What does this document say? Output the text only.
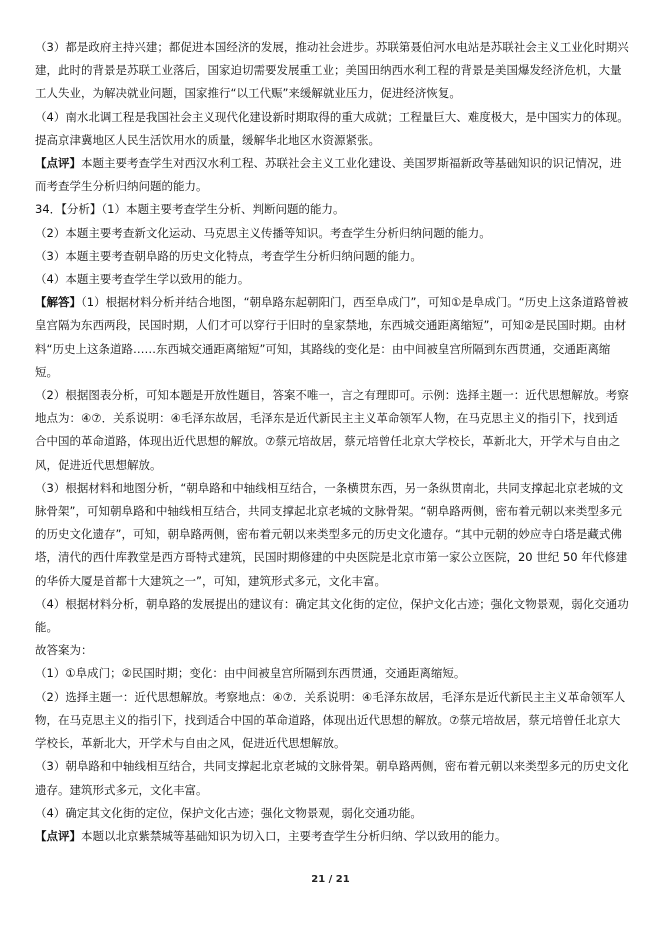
（3）都是政府主持兴建；都促进本国经济的发展，推动社会进步。苏联第聂伯河水电站是苏联社会主义工业化时期兴建，此时的背景是苏联工业落后，国家迫切需要发展重工业；美国田纳西水利工程的背景是美国爆发经济危机，大量工人失业，为解决就业问题，国家推行“以工代赈”来缓解就业压力，促进经济恢复。

（4）南水北调工程是我国社会主义现代化建设新时期取得的重大成就；工程量巨大、难度极大，是中国实力的体现。提高京津冀地区人民生活饮用水的质量，缓解华北地区水资源紧张。

【点评】本题主要考查学生对西汉水利工程、苏联社会主义工业化建设、美国罗斯福新政等基础知识的识记情况，进而考查学生分析归纳问题的能力。

34．【分析】（1）本题主要考查学生分析、判断问题的能力。

（2）本题主要考查新文化运动、马克思主义传播等知识。考查学生分析归纳问题的能力。

（3）本题主要考查朝阜路的历史文化特点，考查学生分析归纳问题的能力。

（4）本题主要考查学生学以致用的能力。

【解答】（1）根据材料分析并结合地图，“朝阜路东起朝阳门，西至阜成门”，可知①是阜成门。“历史上这条道路曾被皇宫隔为东西两段，民国时期，人们才可以穿行于旧时的皇家禁地，东西城交通距离缩短”，可知②是民国时期。由材料“历史上这条道路……东西城交通距离缩短”可知，其路线的变化是：由中间被皇宫所隔到东西贯通，交通距离缩短。

（2）根据图表分析，可知本题是开放性题目，答案不唯一，言之有理即可。示例：选择主题一：近代思想解放。考察地点为：④⑦．关系说明：④毛泽东故居，毛泽东是近代新民主主义革命领军人物，在马克思主义的指引下，找到适合中国的革命道路，体现出近代思想的解放。⑦蔡元培故居，蔡元培曾任北京大学校长，革新北大，开学术与自由之风，促进近代思想解放。

（3）根据材料和地图分析，“朝阜路和中轴线相互结合，一条横贯东西，另一条纵贯南北，共同支撑起北京老城的文脉骨架”，可知朝阜路和中轴线相互结合，共同支撑起北京老城的文脉骨架。“朝阜路两侧，密布着元朝以来类型多元的历史文化遗存”，可知，朝阜路两侧，密布着元朝以来类型多元的历史文化遗存。“其中元朝的妙应寺白塔是藏式佛塔，清代的西什库教堂是西方哥特式建筑，民国时期修建的中央医院是北京市第一家公立医院，20 世纪 50 年代修建的华侨大厦是首都十大建筑之一”，可知，建筑形式多元，文化丰富。

（4）根据材料分析，朝阜路的发展提出的建议有：确定其文化街的定位，保护文化古迹；强化文物景观，弱化交通功能。

故答案为：

（1）①阜成门；②民国时期；变化：由中间被皇宫所隔到东西贯通，交通距离缩短。

（2）选择主题一：近代思想解放。考察地点：④⑦．关系说明：④毛泽东故居，毛泽东是近代新民主主义革命领军人物，在马克思主义的指引下，找到适合中国的革命道路，体现出近代思想的解放。⑦蔡元培故居，蔡元培曾任北京大学校长，革新北大，开学术与自由之风，促进近代思想解放。

（3）朝阜路和中轴线相互结合，共同支撑起北京老城的文脉骨架。朝阜路两侧，密布着元朝以来类型多元的历史文化遗存。建筑形式多元，文化丰富。

（4）确定其文化街的定位，保护文化古迹；强化文物景观，弱化交通功能。

【点评】本题以北京紫禁城等基础知识为切入口，主要考查学生分析归纳、学以致用的能力。

21 / 21
